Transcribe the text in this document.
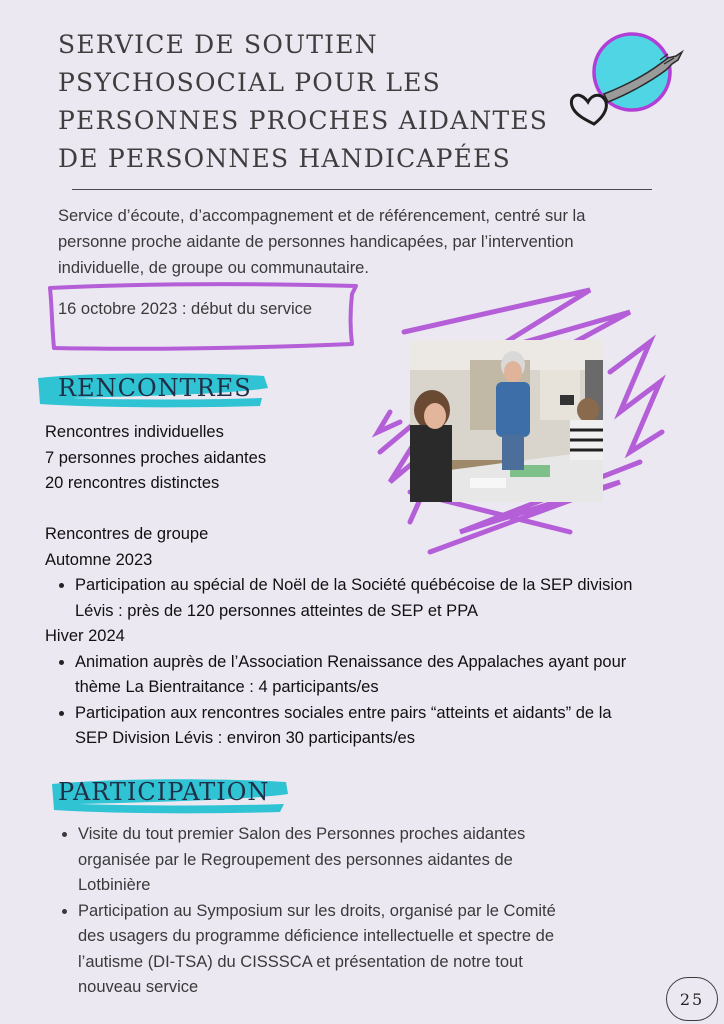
SERVICE DE SOUTIEN
PSYCHOSOCIAL POUR LES
PERSONNES PROCHES AIDANTES
DE PERSONNES HANDICAPÉES

Service d’écoute, d’accompagnement et de référencement, centré sur la
personne proche aidante de personnes handicapées, par l’intervention
individuelle, de groupe ou communautaire.

16 octobre 2023 : début du service
RENCONTRES
Rencontres individuelles
7 personnes proches aidantes
20 rencontres distinctes
Rencontres de groupe
Automne 2023
Participation au spécial de Noël de la Société québécoise de la SEP division
Lévis : près de 120 personnes atteintes de SEP et PPA
Hiver 2024
Animation auprès de l’Association Renaissance des Appalaches ayant pour
thème La Bientraitance : 4 participants/es
Participation aux rencontres sociales entre pairs “atteints et aidants” de la
SEP Division Lévis : environ 30 participants/es
PARTICIPATION
Visite du tout premier Salon des Personnes proches aidantes
organisée par le Regroupement des personnes aidantes de
Lotbinière
Participation au Symposium sur les droits, organisé par le Comité
des usagers du programme déficience intellectuelle et spectre de
l’autisme (DI-TSA) du CISSSCA et présentation de notre tout
nouveau service
25
